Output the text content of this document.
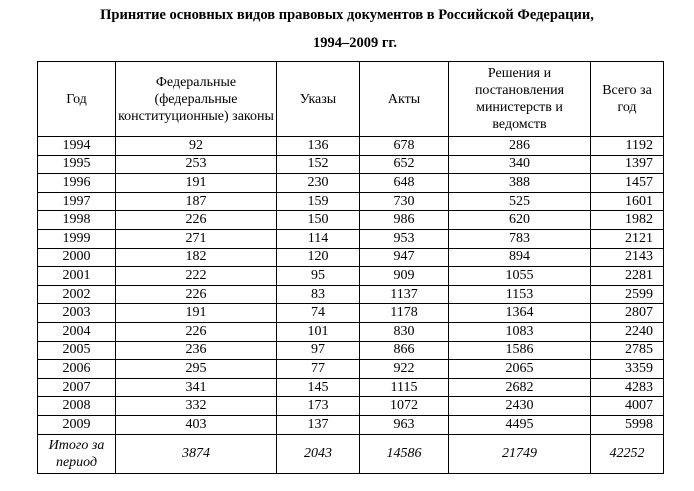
Принятие основных видов правовых документов в Российской Федерации,
1994–2009 гг.
Год	Федеральные (федеральные конституционные) законы	Указы	Акты	Решения и постановления министерств и ведомств	Всего за год
1994	92	136	678	286	1192
1995	253	152	652	340	1397
1996	191	230	648	388	1457
1997	187	159	730	525	1601
1998	226	150	986	620	1982
1999	271	114	953	783	2121
2000	182	120	947	894	2143
2001	222	95	909	1055	2281
2002	226	83	1137	1153	2599
2003	191	74	1178	1364	2807
2004	226	101	830	1083	2240
2005	236	97	866	1586	2785
2006	295	77	922	2065	3359
2007	341	145	1115	2682	4283
2008	332	173	1072	2430	4007
2009	403	137	963	4495	5998
Итого за период	3874	2043	14586	21749	42252
